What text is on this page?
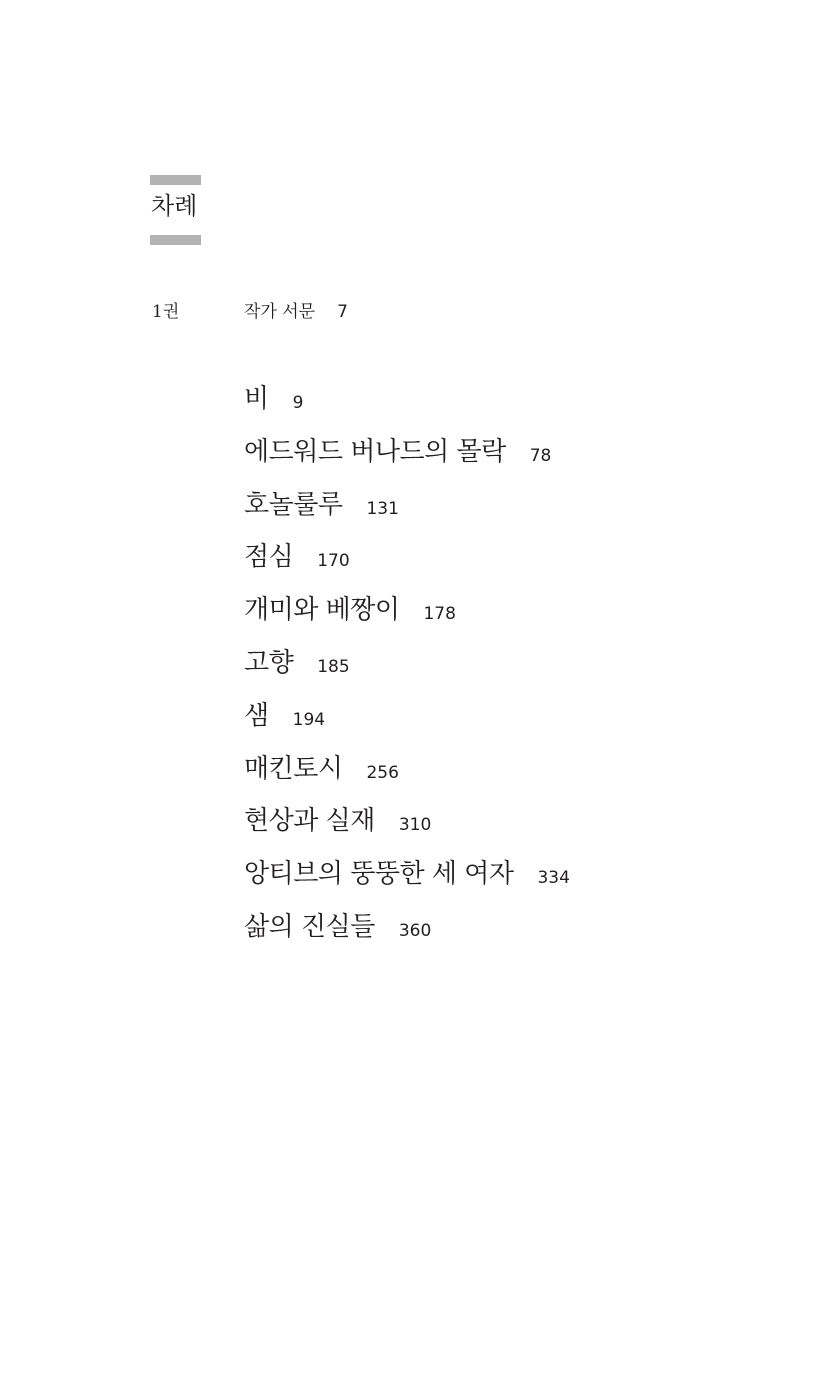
차례
1권	작가 서문 7
비 9
에드워드 버나드의 몰락 78
호놀룰루 131
점심 170
개미와 베짱이 178
고향 185
샘 194
매킨토시 256
현상과 실재 310
앙티브의 뚱뚱한 세 여자 334
삶의 진실들 360
